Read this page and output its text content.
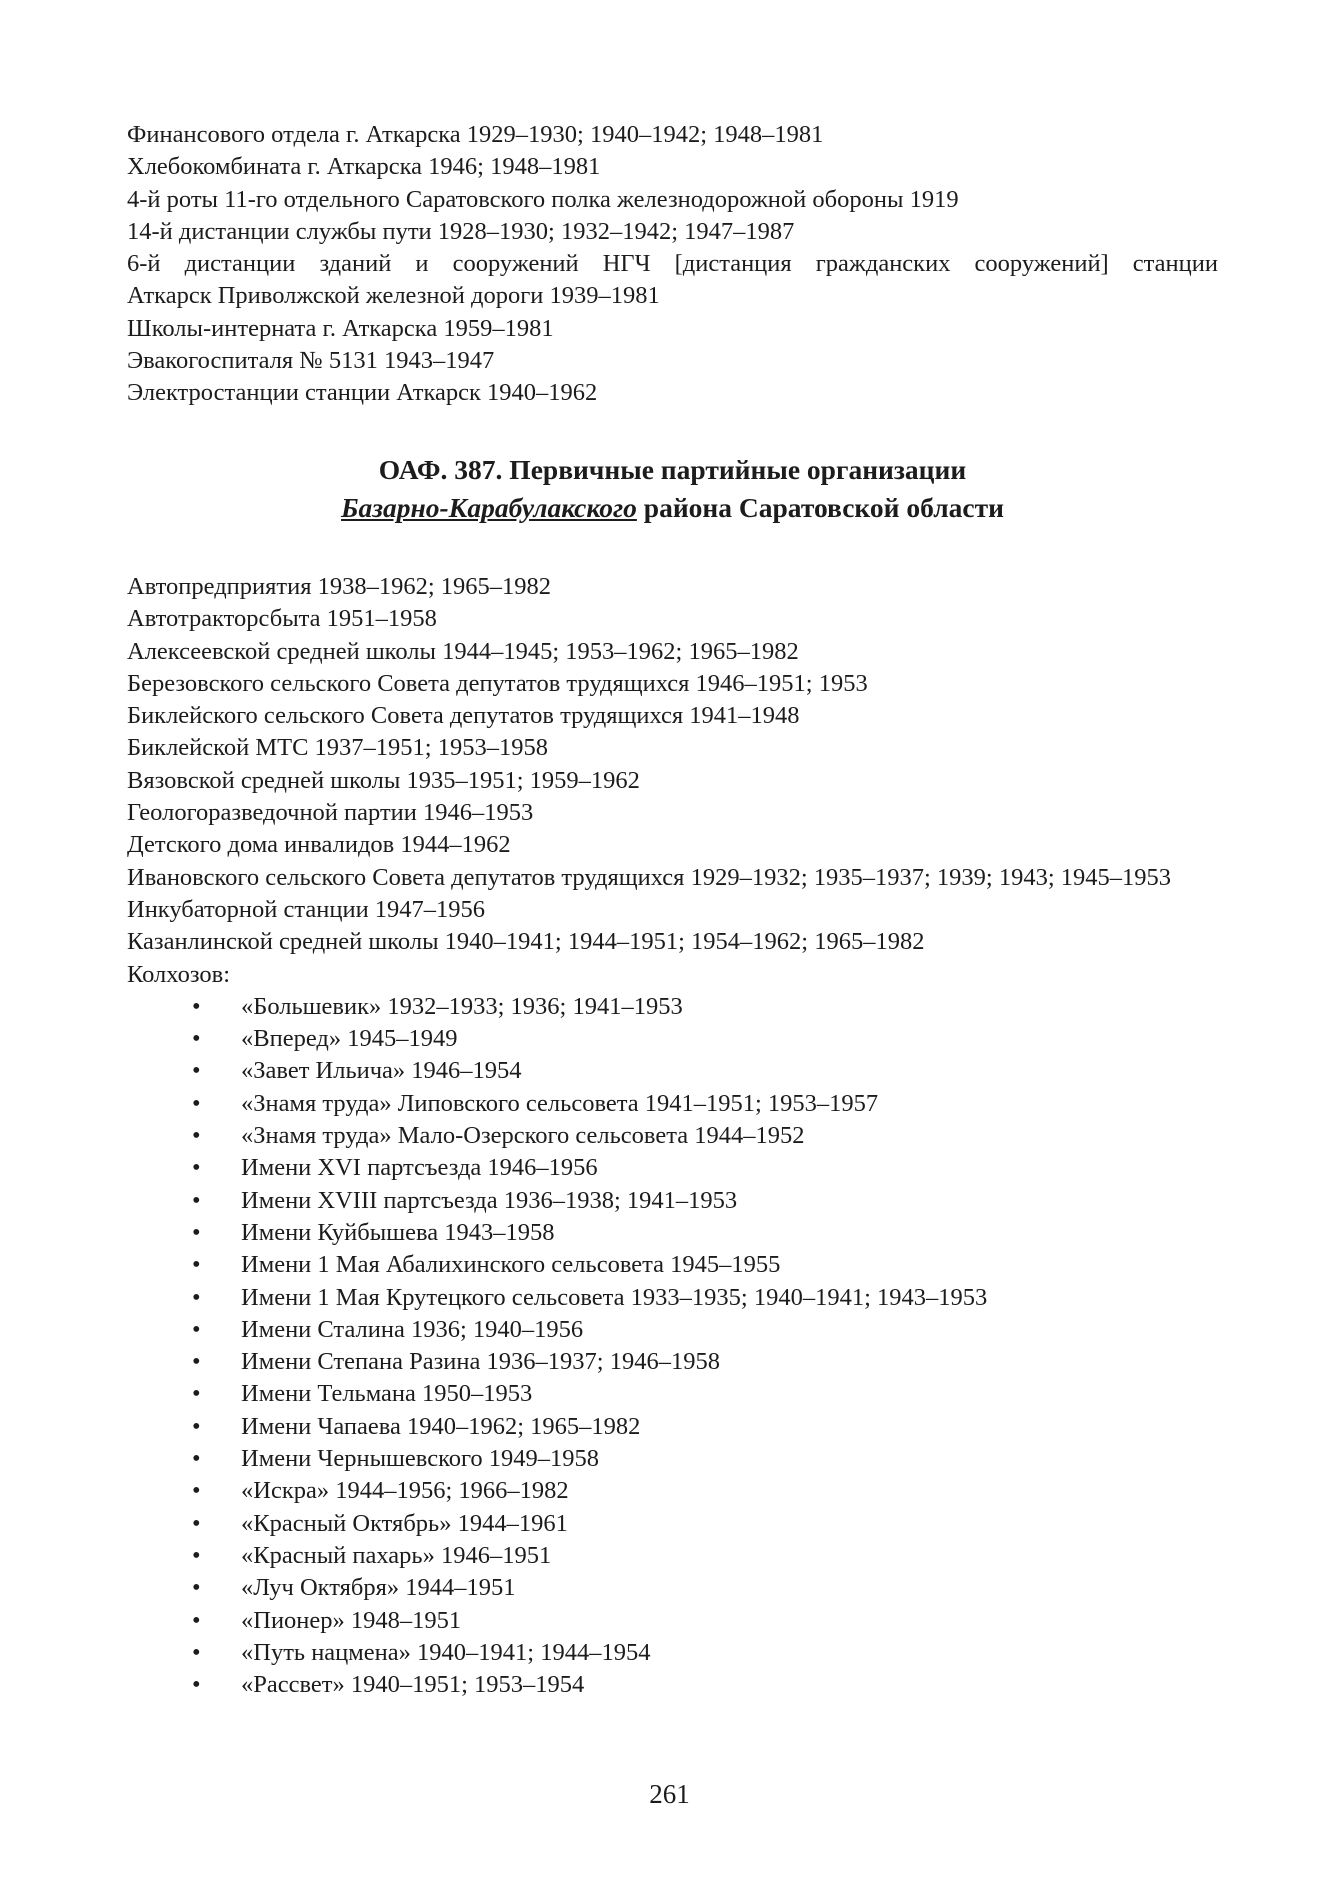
Финансового отдела г. Аткарска 1929–1930; 1940–1942; 1948–1981
Хлебокомбината г. Аткарска 1946; 1948–1981
4-й роты 11-го отдельного Саратовского полка железнодорожной обороны 1919
14-й дистанции службы пути 1928–1930; 1932–1942; 1947–1987
6-й дистанции зданий и сооружений НГЧ [дистанция гражданских сооружений] станции
Аткарск Приволжской железной дороги 1939–1981
Школы-интерната г. Аткарска 1959–1981
Эвакогоспиталя № 5131 1943–1947
Электростанции станции Аткарск 1940–1962
ОАФ. 387. Первичные партийные организации
Базарно-Карабулакского района Саратовской области
Автопредприятия 1938–1962; 1965–1982
Автотракторсбыта 1951–1958
Алексеевской средней школы 1944–1945; 1953–1962; 1965–1982
Березовского сельского Совета депутатов трудящихся 1946–1951; 1953
Биклейского сельского Совета депутатов трудящихся 1941–1948
Биклейской МТС 1937–1951; 1953–1958
Вязовской средней школы 1935–1951; 1959–1962
Геологоразведочной партии 1946–1953
Детского дома инвалидов 1944–1962
Ивановского сельского Совета депутатов трудящихся 1929–1932; 1935–1937; 1939; 1943; 1945–1953
Инкубаторной станции 1947–1956
Казанлинской средней школы 1940–1941; 1944–1951; 1954–1962; 1965–1982
Колхозов:
• «Большевик» 1932–1933; 1936; 1941–1953
• «Вперед» 1945–1949
• «Завет Ильича» 1946–1954
• «Знамя труда» Липовского сельсовета 1941–1951; 1953–1957
• «Знамя труда» Мало-Озерского сельсовета 1944–1952
• Имени XVI партсъезда 1946–1956
• Имени XVIII партсъезда 1936–1938; 1941–1953
• Имени Куйбышева 1943–1958
• Имени 1 Мая Абалихинского сельсовета 1945–1955
• Имени 1 Мая Крутецкого сельсовета 1933–1935; 1940–1941; 1943–1953
• Имени Сталина 1936; 1940–1956
• Имени Степана Разина 1936–1937; 1946–1958
• Имени Тельмана 1950–1953
• Имени Чапаева 1940–1962; 1965–1982
• Имени Чернышевского 1949–1958
• «Искра» 1944–1956; 1966–1982
• «Красный Октябрь» 1944–1961
• «Красный пахарь» 1946–1951
• «Луч Октября» 1944–1951
• «Пионер» 1948–1951
• «Путь нацмена» 1940–1941; 1944–1954
• «Рассвет» 1940–1951; 1953–1954
261
